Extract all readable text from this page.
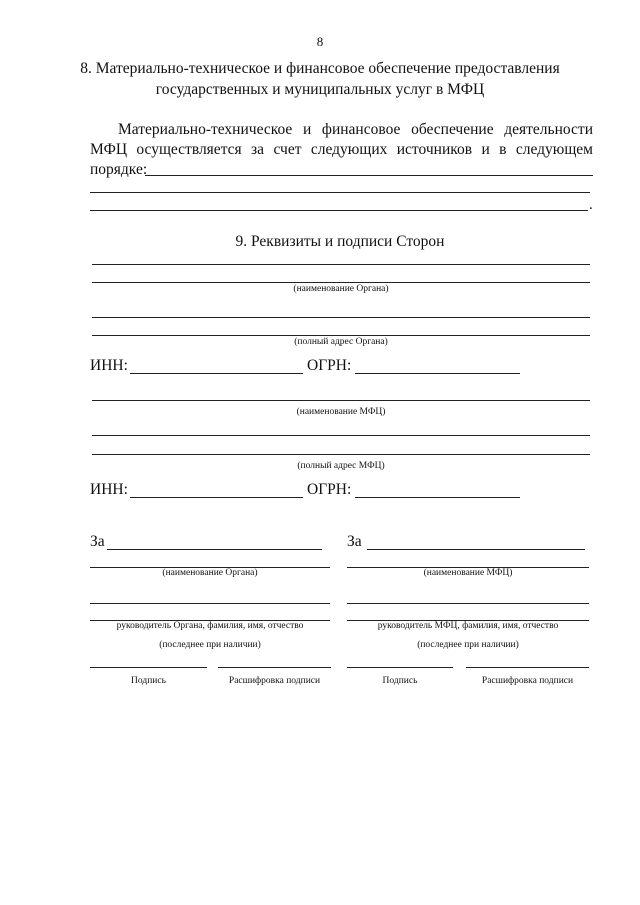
8
8. Материально-техническое и финансовое обеспечение предоставления
государственных и муниципальных услуг в МФЦ
Материально-техническое и финансовое обеспечение деятельности
МФЦ осуществляется за счет следующих источников и в следующем
порядке:
.
9. Реквизиты и подписи Сторон
(наименование Органа)
(полный адрес Органа)
ИНН:	ОГРН:
(наименование МФЦ)
(полный адрес МФЦ)
ИНН:	ОГРН:
За
(наименование Органа)
руководитель Органа, фамилия, имя, отчество
(последнее при наличии)
Подпись	Расшифровка подписи
За
(наименование МФЦ)
руководитель МФЦ, фамилия, имя, отчество
(последнее при наличии)
Подпись	Расшифровка подписи
